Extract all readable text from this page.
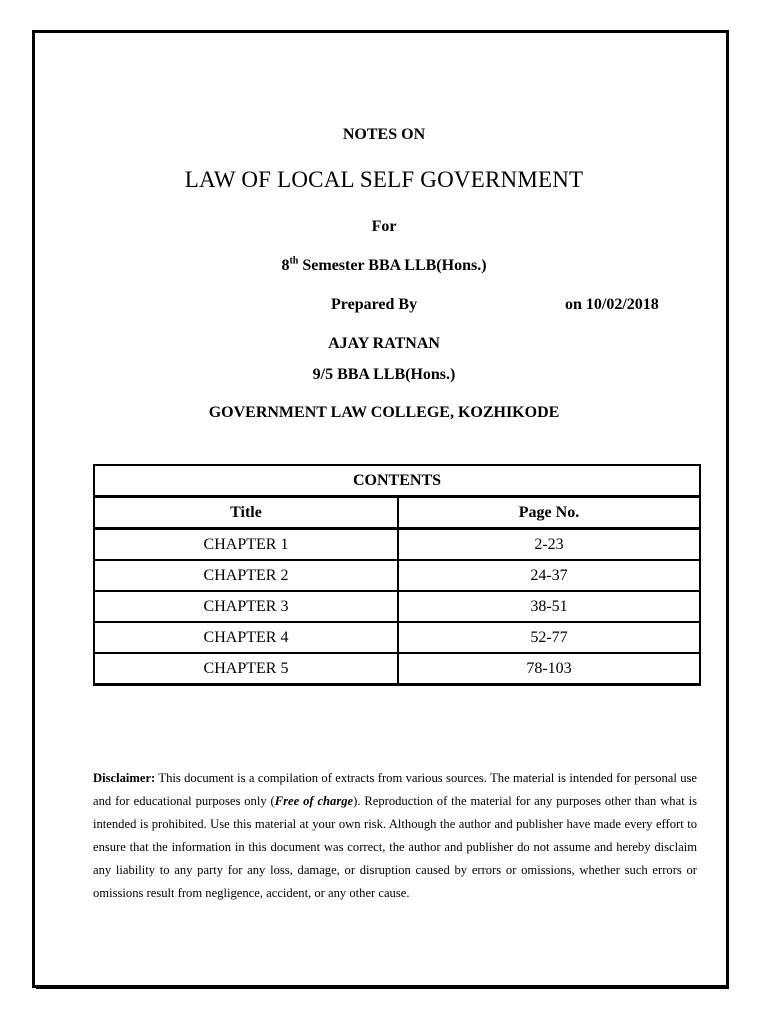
NOTES ON
LAW OF LOCAL SELF GOVERNMENT
For
8th Semester BBA LLB(Hons.)
Prepared By	on 10/02/2018
AJAY RATNAN
9/5 BBA LLB(Hons.)
GOVERNMENT LAW COLLEGE, KOZHIKODE
CONTENTS	
Title	Page No.
CHAPTER 1	2-23
CHAPTER 2	24-37
CHAPTER 3	38-51
CHAPTER 4	52-77
CHAPTER 5	78-103
Disclaimer: This document is a compilation of extracts from various sources. The material is intended for personal use and for educational purposes only (Free of charge). Reproduction of the material for any purposes other than what is intended is prohibited. Use this material at your own risk. Although the author and publisher have made every effort to ensure that the information in this document was correct, the author and publisher do not assume and hereby disclaim any liability to any party for any loss, damage, or disruption caused by errors or omissions, whether such errors or omissions result from negligence, accident, or any other cause.
